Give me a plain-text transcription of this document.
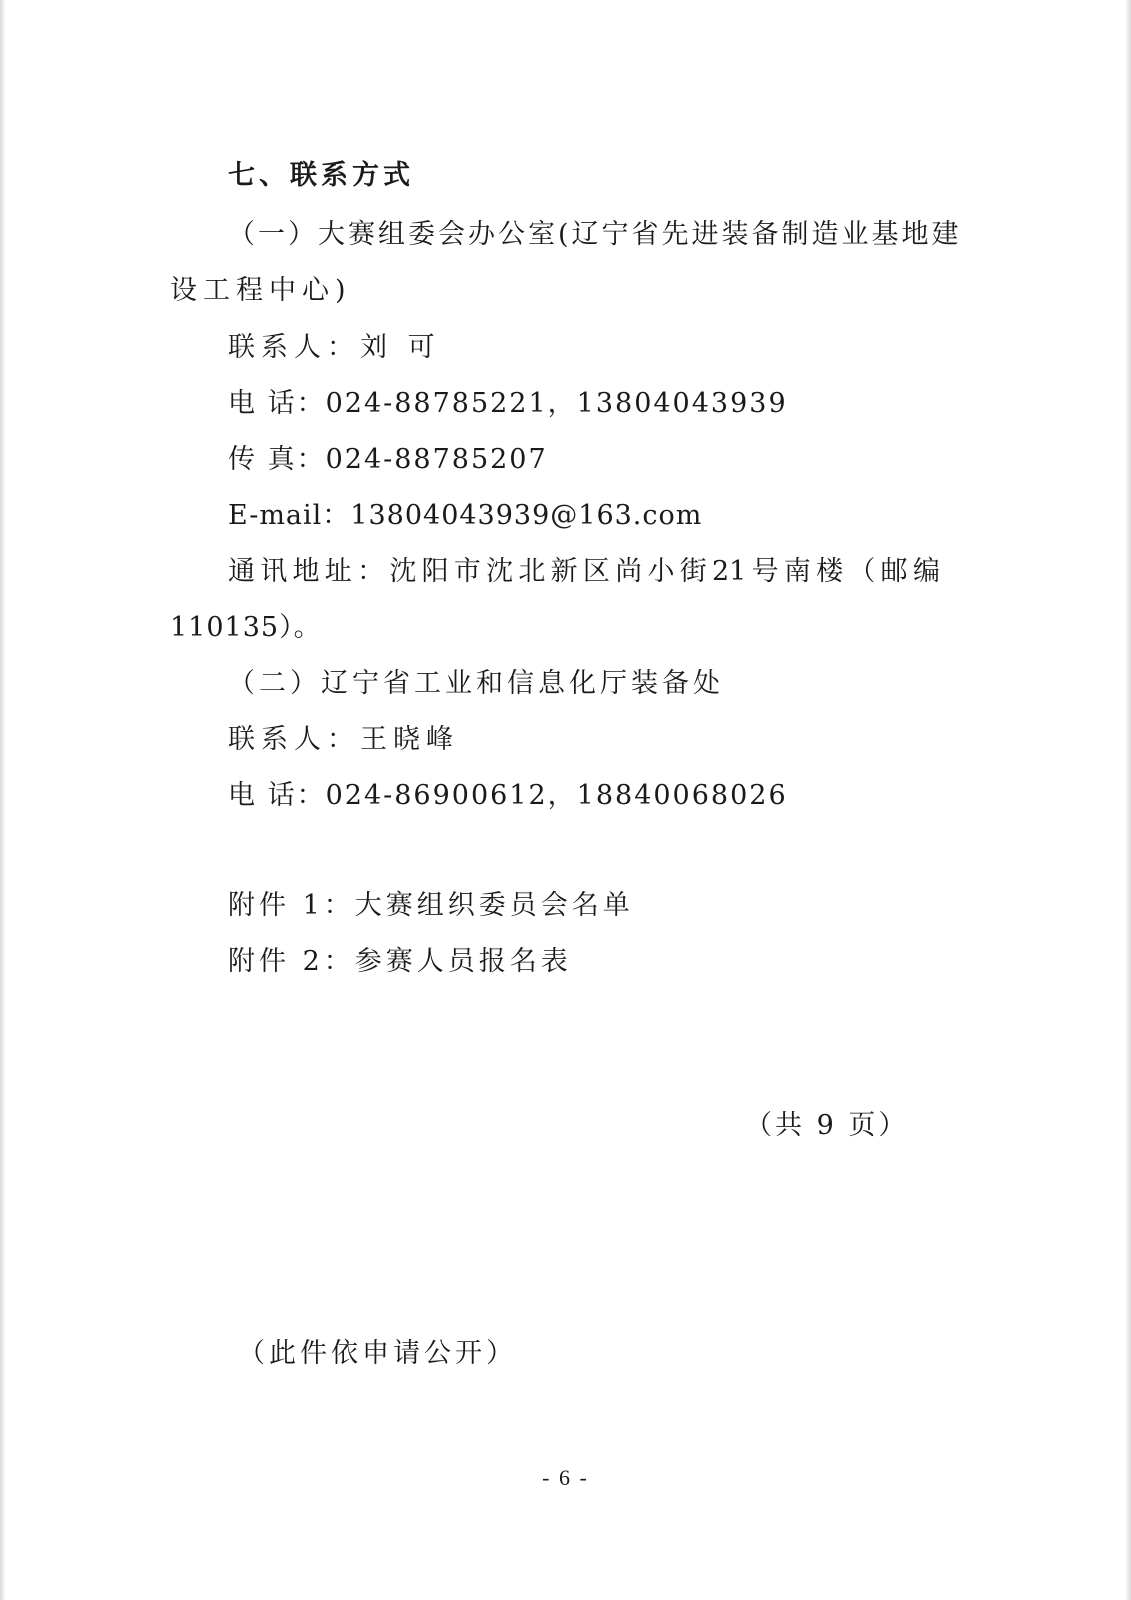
七、联系方式

（一）大赛组委会办公室(辽宁省先进装备制造业基地建

设工程中心)

联系人：刘 可

电 话：024-88785221，13804043939

传 真：024-88785207

E-mail：13804043939@163.com

通 讯 地 址 ： 沈 阳 市 沈 北 新 区 尚 小 街 21 号 南 楼 （ 邮 编

110135）。

（二）辽宁省工业和信息化厅装备处

联系人：王晓峰

电 话：024-86900612，18840068026

附件 1：大赛组织委员会名单

附件 2：参赛人员报名表

（共 9 页）

（此件依申请公开）

- 6 -
